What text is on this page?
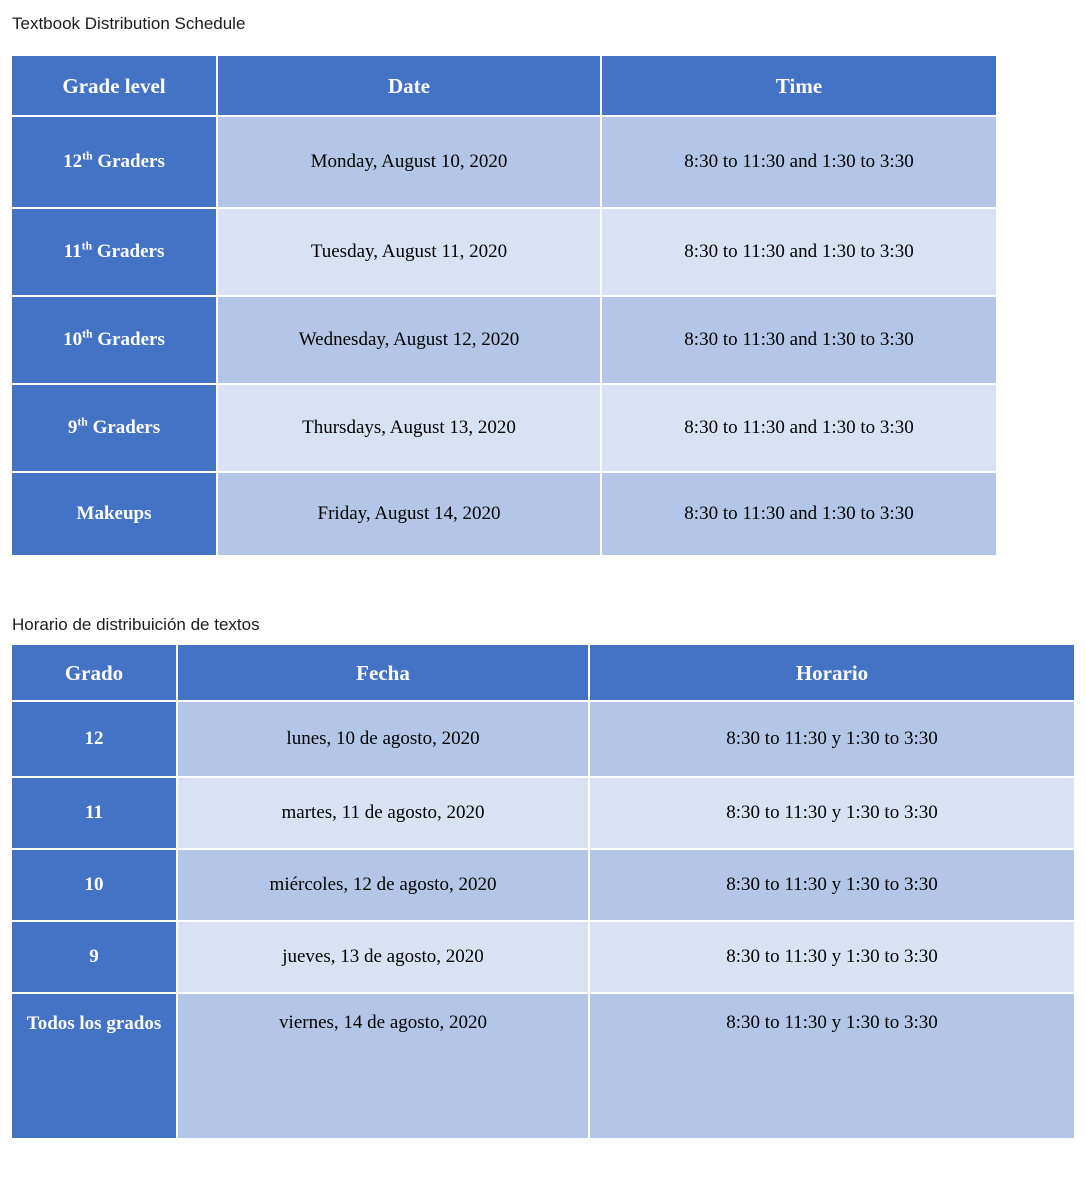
Textbook Distribution Schedule
Grade level	Date	Time
12th Graders	Monday, August 10, 2020	8:30 to 11:30 and 1:30 to 3:30
11th Graders	Tuesday, August 11, 2020	8:30 to 11:30 and 1:30 to 3:30
10th Graders	Wednesday, August 12, 2020	8:30 to 11:30 and 1:30 to 3:30
9th Graders	Thursdays, August 13, 2020	8:30 to 11:30 and 1:30 to 3:30
Makeups	Friday, August 14, 2020	8:30 to 11:30 and 1:30 to 3:30
Horario de distribuición de textos
Grado	Fecha	Horario
12	lunes, 10 de agosto, 2020	8:30 to 11:30 y 1:30 to 3:30
11	martes, 11 de agosto, 2020	8:30 to 11:30 y 1:30 to 3:30
10	miércoles, 12 de agosto, 2020	8:30 to 11:30 y 1:30 to 3:30
9	jueves, 13 de agosto, 2020	8:30 to 11:30 y 1:30 to 3:30
Todos los grados	viernes, 14 de agosto, 2020	8:30 to 11:30 y 1:30 to 3:30
